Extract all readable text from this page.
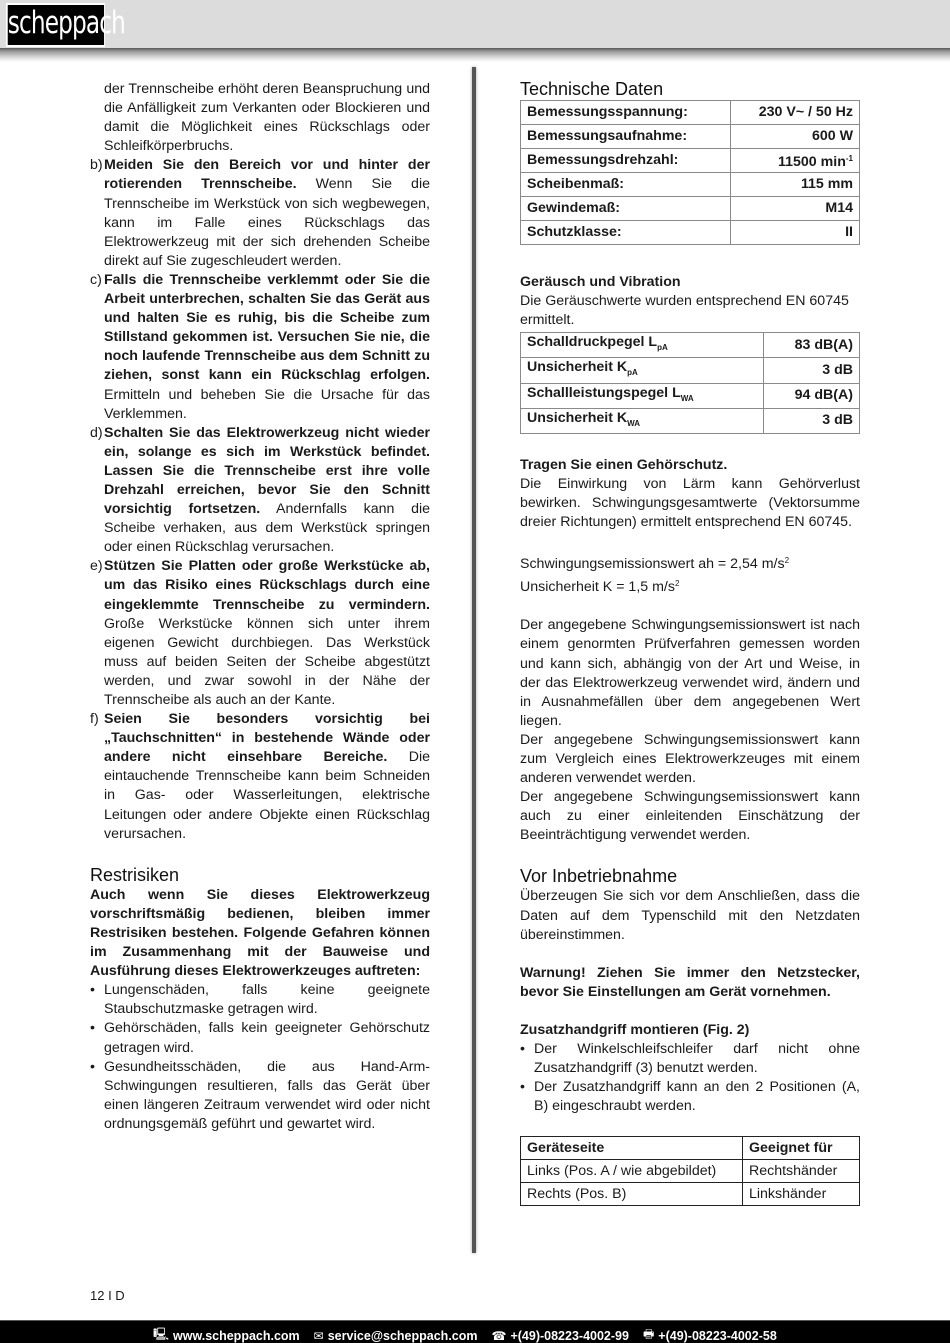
scheppach

der Trennscheibe erhöht deren Beanspruchung und die Anfälligkeit zum Verkanten oder Blockieren und damit die Möglichkeit eines Rückschlags oder Schleifkörperbruchs.

b) Meiden Sie den Bereich vor und hinter der rotierenden Trennscheibe. Wenn Sie die Trennscheibe im Werkstück von sich wegbewegen, kann im Falle eines Rückschlags das Elektrowerkzeug mit der sich drehenden Scheibe direkt auf Sie zugeschleudert werden.
c) Falls die Trennscheibe verklemmt oder Sie die Arbeit unterbrechen, schalten Sie das Gerät aus und halten Sie es ruhig, bis die Scheibe zum Stillstand gekommen ist. Versuchen Sie nie, die noch laufende Trennscheibe aus dem Schnitt zu ziehen, sonst kann ein Rückschlag erfolgen. Ermitteln und beheben Sie die Ursache für das Verklemmen.
d) Schalten Sie das Elektrowerkzeug nicht wieder ein, solange es sich im Werkstück befindet. Lassen Sie die Trennscheibe erst ihre volle Drehzahl erreichen, bevor Sie den Schnitt vorsichtig fortsetzen. Andernfalls kann die Scheibe verhaken, aus dem Werkstück springen oder einen Rückschlag verursachen.
e) Stützen Sie Platten oder große Werkstücke ab, um das Risiko eines Rückschlags durch eine eingeklemmte Trennscheibe zu vermindern. Große Werkstücke können sich unter ihrem eigenen Gewicht durchbiegen. Das Werkstück muss auf beiden Seiten der Scheibe abgestützt werden, und zwar sowohl in der Nähe der Trennscheibe als auch an der Kante.
f) Seien Sie besonders vorsichtig bei „Tauchschnitten“ in bestehende Wände oder andere nicht einsehbare Bereiche. Die eintauchende Trennscheibe kann beim Schneiden in Gas- oder Wasserleitungen, elektrische Leitungen oder andere Objekte einen Rückschlag verursachen.
Restrisiken

Auch wenn Sie dieses Elektrowerkzeug vorschriftsmäßig bedienen, bleiben immer Restrisiken bestehen. Folgende Gefahren können im Zusammenhang mit der Bauweise und Ausführung dieses Elektrowerkzeuges auftreten:

• Lungenschäden, falls keine geeignete Staubschutzmaske getragen wird.
• Gehörschäden, falls kein geeigneter Gehörschutz getragen wird.
• Gesundheitsschäden, die aus Hand-Arm- Schwingungen resultieren, falls das Gerät über einen längeren Zeitraum verwendet wird oder nicht ordnungsgemäß geführt und gewartet wird.
Technische Daten
Bemessungsspannung:	230 V~ / 50 Hz
Bemessungsaufnahme:	600 W
Bemessungsdrehzahl:	11500 $\min^{-1}$
Scheibenmaß:	115 mm
Gewindemaß:	M14
Schutzklasse:	II

Geräusch und Vibration

Die Geräuschwerte wurden entsprechend EN 60745 ermittelt.

Schalldruckpegel $L_{pA}$	83 dB(A)
Unsicherheit $K_{pA}$	3 dB
Schallleistungspegel $L_{WA}$	94 dB(A)
Unsicherheit $K_{WA}$	3 dB

Tragen Sie einen Gehörschutz.

Die Einwirkung von Lärm kann Gehörverlust bewirken. Schwingungsgesamtwerte (Vektorsumme dreier Richtungen) ermittelt entsprechend EN 60745.

Schwingungsemissionswert ah = 2,54 $m/s^2$

Unsicherheit K = 1,5 $m/s^2$

Der angegebene Schwingungsemissionswert ist nach einem genormten Prüfverfahren gemessen worden und kann sich, abhängig von der Art und Weise, in der das Elektrowerkzeug verwendet wird, ändern und in Ausnahmefällen über dem angegebenen Wert liegen.

Der angegebene Schwingungsemissionswert kann zum Vergleich eines Elektrowerkzeuges mit einem anderen verwendet werden.

Der angegebene Schwingungsemissionswert kann auch zu einer einleitenden Einschätzung der Beeinträchtigung verwendet werden.

Vor Inbetriebnahme

Überzeugen Sie sich vor dem Anschließen, dass die Daten auf dem Typenschild mit den Netzdaten übereinstimmen.

Warnung! Ziehen Sie immer den Netzstecker, bevor Sie Einstellungen am Gerät vornehmen.

Zusatzhandgriff montieren (Fig. 2)

• Der Winkelschleifschleifer darf nicht ohne Zusatzhandgriff (3) benutzt werden.
• Der Zusatzhandgriff kann an den 2 Positionen (A, B) eingeschraubt werden.
Geräteseite	Geeignet für
Links (Pos. A / wie abgebildet)	Rechtshänder
Rechts (Pos. B)	Linkshänder
12 I D
🖳 www.scheppach.com ✉ service@scheppach.com ☎ +(49)-08223-4002-99 🖶 +(49)-08223-4002-58
